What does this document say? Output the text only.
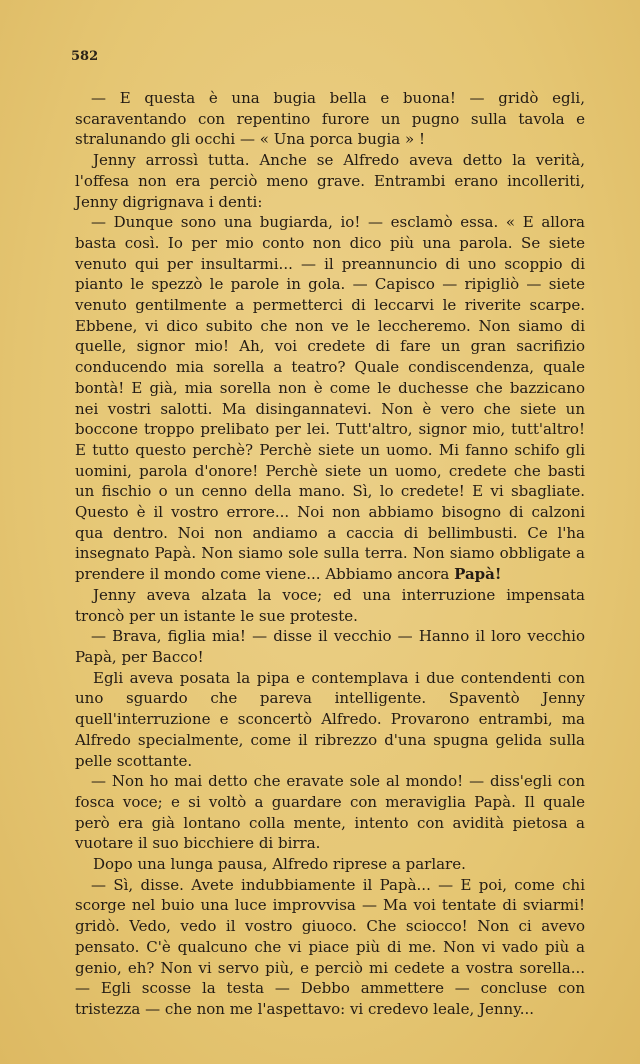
582

— E questa è una bugia bella e buona! — gridò egli, scaraventando con repentino furore un pugno sulla tavola e stralunando gli occhi — « Una porca bugia » !

Jenny arrossì tutta. Anche se Alfredo aveva detto la verità, l'offesa non era perciò meno grave. Entrambi erano incolleriti, Jenny digrignava i denti:

— Dunque sono una bugiarda, io! — esclamò essa. « E allora basta così. Io per mio conto non dico più una parola. Se siete venuto qui per insultarmi... — il preannuncio di uno scoppio di pianto le spezzò le parole in gola. — Capisco — ripigliò — siete venuto gentilmente a permetterci di leccarvi le riverite scarpe. Ebbene, vi dico subito che non ve le leccheremo. Non siamo di quelle, signor mio! Ah, voi credete di fare un gran sacrifizio conducendo mia sorella a teatro? Quale condiscendenza, quale bontà! E già, mia sorella non è come le duchesse che bazzicano nei vostri salotti. Ma disingannatevi. Non è vero che siete un boccone troppo prelibato per lei. Tutt'altro, signor mio, tutt'altro! E tutto questo perchè? Perchè siete un uomo. Mi fanno schifo gli uomini, parola d'onore! Perchè siete un uomo, credete che basti un fischio o un cenno della mano. Sì, lo credete! E vi sbagliate. Questo è il vostro errore... Noi non abbiamo bisogno di calzoni qua dentro. Noi non andiamo a caccia di bellimbusti. Ce l'ha insegnato Papà. Non siamo sole sulla terra. Non siamo obbligate a prendere il mondo come viene... Abbiamo ancora Papà!

Jenny aveva alzata la voce; ed una interruzione impensata troncò per un istante le sue proteste.

— Brava, figlia mia! — disse il vecchio — Hanno il loro vecchio Papà, per Bacco!

Egli aveva posata la pipa e contemplava i due contendenti con uno sguardo che pareva intelligente. Spaventò Jenny quell'interruzione e sconcertò Alfredo. Provarono entrambi, ma Alfredo specialmente, come il ribrezzo d'una spugna gelida sulla pelle scottante.

— Non ho mai detto che eravate sole al mondo! — diss'egli con fosca voce; e si voltò a guardare con meraviglia Papà. Il quale però era già lontano colla mente, intento con avidità pietosa a vuotare il suo bicchiere di birra.

Dopo una lunga pausa, Alfredo riprese a parlare.

— Sì, disse. Avete indubbiamente il Papà... — E poi, come chi scorge nel buio una luce improvvisa — Ma voi tentate di sviarmi! gridò. Vedo, vedo il vostro giuoco. Che sciocco! Non ci avevo pensato. C'è qualcuno che vi piace più di me. Non vi vado più a genio, eh? Non vi servo più, e perciò mi cedete a vostra sorella... — Egli scosse la testa — Debbo ammettere — concluse con tristezza — che non me l'aspettavo: vi credevo leale, Jenny...
